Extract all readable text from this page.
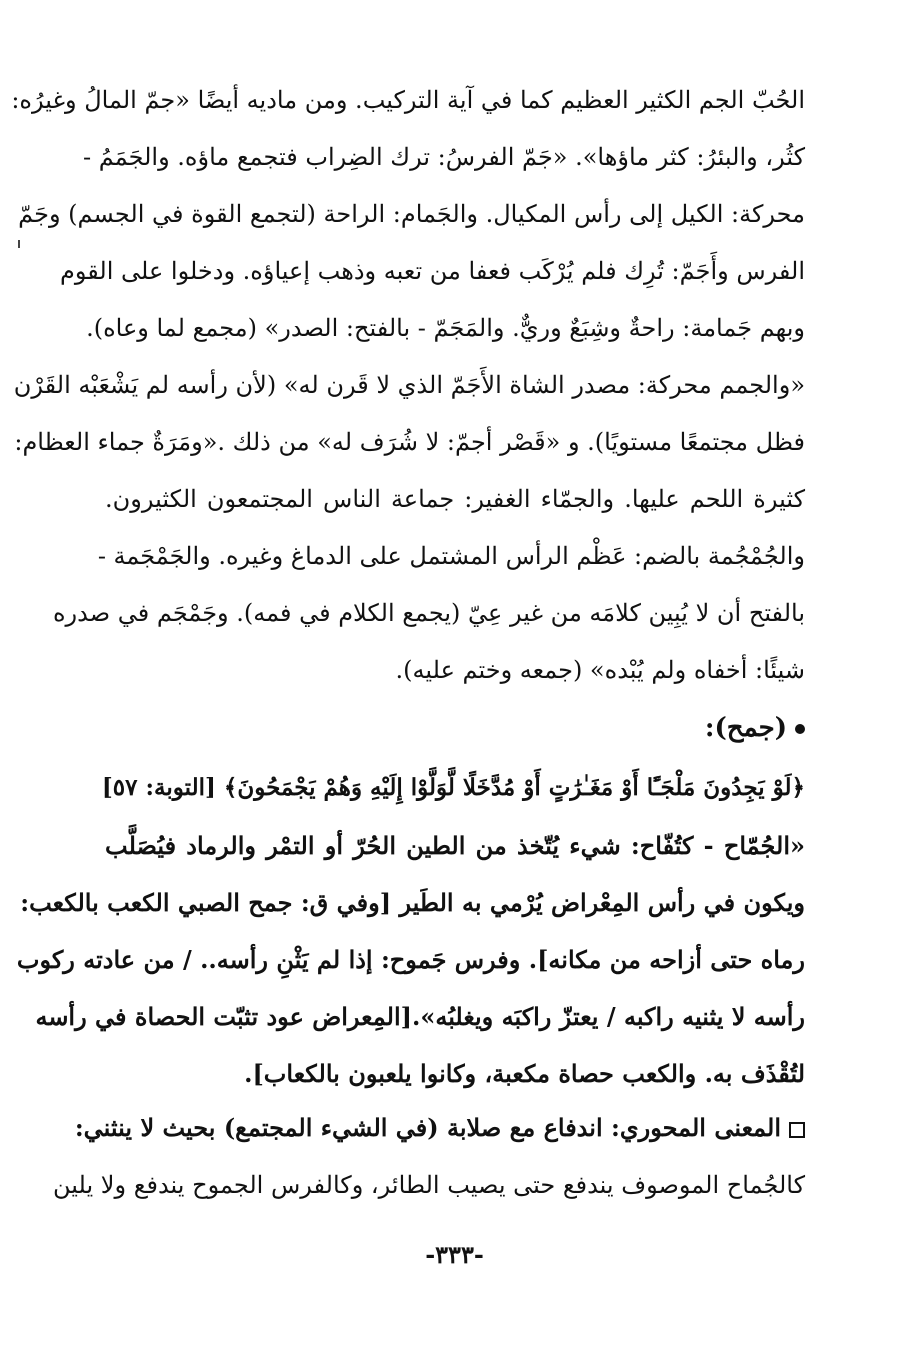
الحُبّ الجم الكثير العظيم كما في آية التركيب. ومن ماديه أيضًا «جمّ المالُ وغيرُه:
كثُر، والبئرُ: كثر ماؤها». «جَمّ الفرسُ: ترك الضِراب فتجمع ماؤه. والجَمَمُ -
محركة: الكيل إلى رأس المكيال. والجَمام: الراحة (لتجمع القوة في الجسم) وجَمّ
الفرس وأَجَمّ: تُرِك فلم يُرْكَب فعفا من تعبه وذهب إعياؤه. ودخلوا على القوم
وبهم جَمامة: راحةٌ وشِبَعٌ وريٌّ. والمَجَمّ - بالفتح: الصدر» (مجمع لما وعاه).
«والجمم محركة: مصدر الشاة الأَجَمّ الذي لا قَرن له» (لأن رأسه لم يَشْعَبْه القَرْن
فظل مجتمعًا مستويًا). و «قَصْر أجمّ: لا شُرَف له» من ذلك .«ومَرَةٌ جماء العظام:
كثيرة اللحم عليها. والجمّاء الغفير: جماعة الناس المجتمعون الكثيرون.
والجُمْجُمة بالضم: عَظْم الرأس المشتمل على الدماغ وغيره. والجَمْجَمة -
بالفتح أن لا يُبِين كلامَه من غير عِيّ (يجمع الكلام في فمه). وجَمْجَم في صدره
شيئًا: أخفاه ولم يُبْده» (جمعه وختم عليه).
(جمح):
﴿لَوْ يَجِدُونَ مَلْجَـًٔا أَوْ مَغَـٰرَٰتٍ أَوْ مُدَّخَلًا لَّوَلَّوْا إِلَيْهِ وَهُمْ يَجْمَحُونَ﴾ [التوبة: ٥٧]
«الجُمّاح - كتُفّاح: شيء يُتّخذ من الطين الحُرّ أو التمْر والرماد فيُصَلَّب
ويكون في رأس المِعْراض يُرْمي به الطَير [وفي ق: جمح الصبي الكعب بالكعب:
رماه حتى أزاحه من مكانه]. وفرس جَموح: إذا لم يَثْنِ رأسه.. / من عادته ركوب
رأسه لا يثنيه راكبه / يعتزّ راكبَه ويغلبُه».[المِعراض عود تثبّت الحصاة في رأسه
لتُقْذَف به. والكعب حصاة مكعبة، وكانوا يلعبون بالكعاب].
المعنى المحوري: اندفاع مع صلابة (في الشيء المجتمع) بحيث لا ينثني:
كالجُماح الموصوف يندفع حتى يصيب الطائر، وكالفرس الجموح يندفع ولا يلين
-٣٣٣-
